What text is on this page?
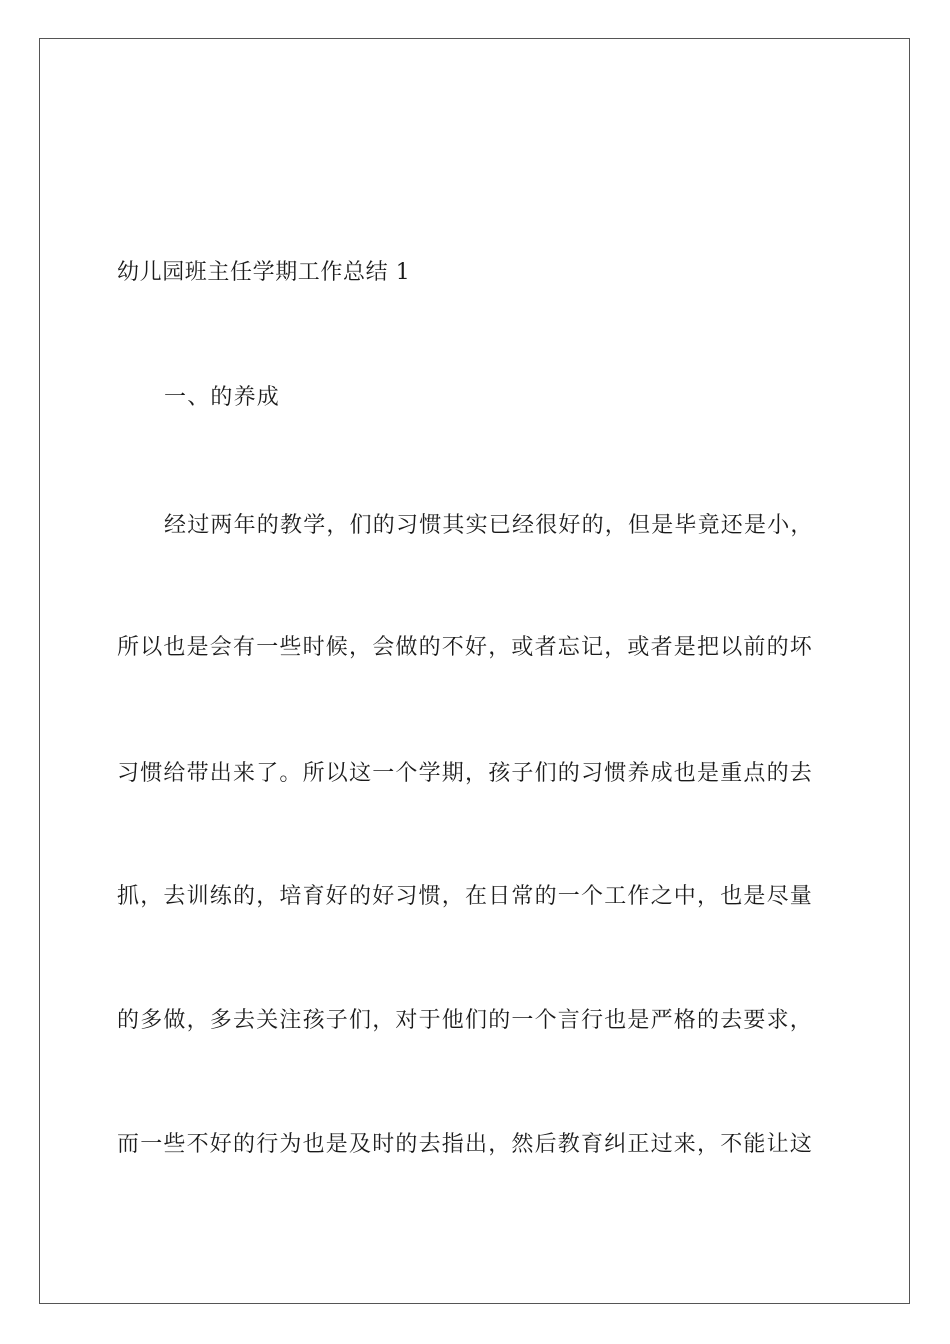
幼儿园班主任学期工作总结 1
一、的养成
经过两年的教学，们的习惯其实已经很好的，但是毕竟还是小，
所以也是会有一些时候，会做的不好，或者忘记，或者是把以前的坏
习惯给带出来了。所以这一个学期，孩子们的习惯养成也是重点的去
抓，去训练的，培育好的好习惯，在日常的一个工作之中，也是尽量
的多做，多去关注孩子们，对于他们的一个言行也是严格的去要求，
而一些不好的行为也是及时的去指出，然后教育纠正过来，不能让这
